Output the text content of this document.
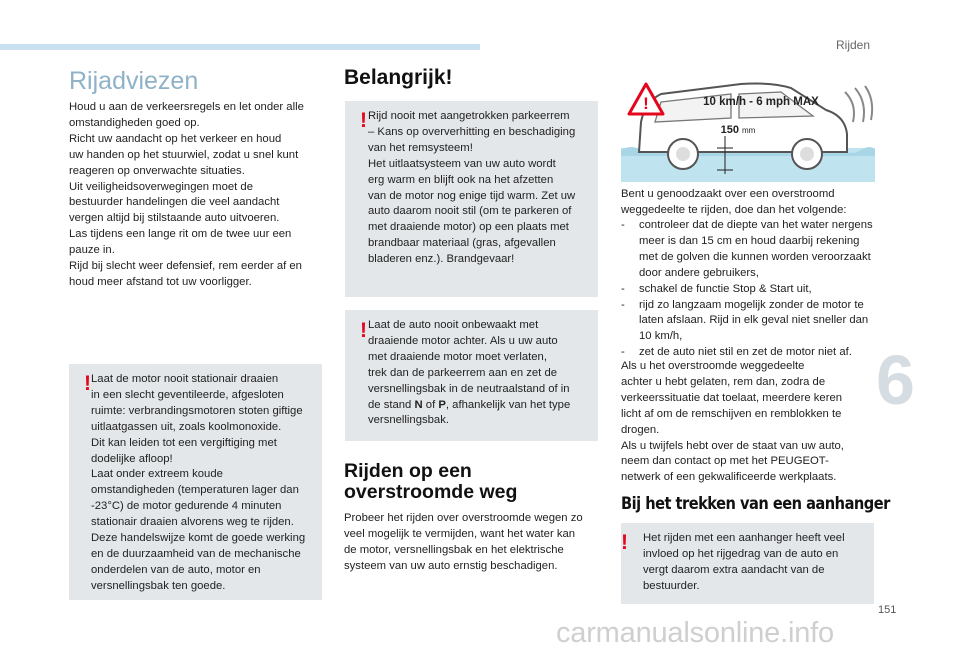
Rijden
6
Rijadviezen

Houd u aan de verkeersregels en let onder alle
omstandigheden goed op.
Richt uw aandacht op het verkeer en houd
uw handen op het stuurwiel, zodat u snel kunt
reageren op onverwachte situaties.
Uit veiligheidsoverwegingen moet de
bestuurder handelingen die veel aandacht
vergen altijd bij stilstaande auto uitvoeren.
Las tijdens een lange rit om de twee uur een
pauze in.
Rijd bij slecht weer defensief, rem eerder af en
houd meer afstand tot uw voorligger.

! Laat de motor nooit stationair draaien
in een slecht geventileerde, afgesloten
ruimte: verbrandingsmotoren stoten giftige
uitlaatgassen uit, zoals koolmonoxide.
Dit kan leiden tot een vergiftiging met
dodelijke afloop!
Laat onder extreem koude
omstandigheden (temperaturen lager dan
-23°C) de motor gedurende 4 minuten
stationair draaien alvorens weg te rijden.
Deze handelswijze komt de goede werking
en de duurzaamheid van de mechanische
onderdelen van de auto, motor en
versnellingsbak ten goede.

Belangrijk!
! Rijd nooit met aangetrokken parkeerrem
– Kans op oververhitting en beschadiging
van het remsysteem!
Het uitlaatsysteem van uw auto wordt
erg warm en blijft ook na het afzetten
van de motor nog enige tijd warm. Zet uw
auto daarom nooit stil (om te parkeren of
met draaiende motor) op een plaats met
brandbaar materiaal (gras, afgevallen
bladeren enz.). Brandgevaar!

! Laat de auto nooit onbewaakt met
draaiende motor achter. Als u uw auto
met draaiende motor moet verlaten,
trek dan de parkeerrem aan en zet de
versnellingsbak in de neutraalstand of in
de stand N of P, afhankelijk van het type
versnellingsbak.

Rijden op een
overstroomde weg

Probeer het rijden over overstroomde wegen zo
veel mogelijk te vermijden, want het water kan
de motor, versnellingsbak en het elektrische
systeem van uw auto ernstig beschadigen.

!	10 km/h - 6 mph MAX
150 mm

Bent u genoodzaakt over een overstroomd
weggedeelte te rijden, doe dan het volgende:

- controleer dat de diepte van het water nergens meer is dan 15 cm en houd daarbij rekening met de golven die kunnen worden veroorzaakt door andere gebruikers,
- schakel de functie Stop & Start uit,
- rijd zo langzaam mogelijk zonder de motor te laten afslaan. Rijd in elk geval niet sneller dan 10 km/h,
- zet de auto niet stil en zet de motor niet af.

Als u het overstroomde weggedeelte
achter u hebt gelaten, rem dan, zodra de
verkeerssituatie dat toelaat, meerdere keren
licht af om de remschijven en remblokken te
drogen.
Als u twijfels hebt over de staat van uw auto,
neem dan contact op met het PEUGEOT-
netwerk of een gekwalificeerde werkplaats.

Bij het trekken van een aanhanger
! Het rijden met een aanhanger heeft veel
invloed op het rijgedrag van de auto en
vergt daarom extra aandacht van de
bestuurder.

151
carmanualsonline.info
